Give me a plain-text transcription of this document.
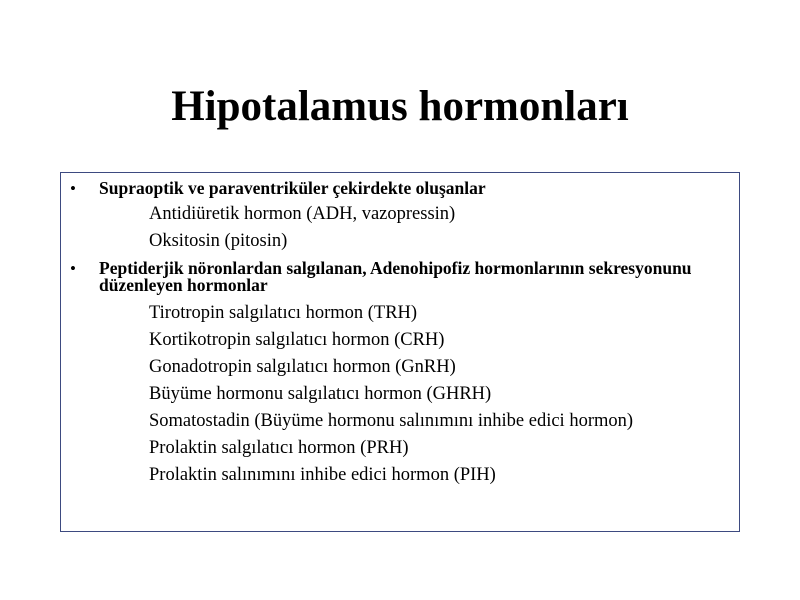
Hipotalamus hormonları
• Supraoptik ve paraventriküler çekirdekte oluşanlar
Antidiüretik hormon (ADH, vazopressin)
Oksitosin (pitosin)
• Peptiderjik nöronlardan salgılanan, Adenohipofiz hormonlarının sekresyonunu düzenleyen hormonlar
Tirotropin salgılatıcı hormon (TRH)
Kortikotropin salgılatıcı hormon (CRH)
Gonadotropin salgılatıcı hormon (GnRH)
Büyüme hormonu salgılatıcı hormon (GHRH)
Somatostadin (Büyüme hormonu salınımını inhibe edici hormon)
Prolaktin salgılatıcı hormon (PRH)
Prolaktin salınımını inhibe edici hormon (PIH)
